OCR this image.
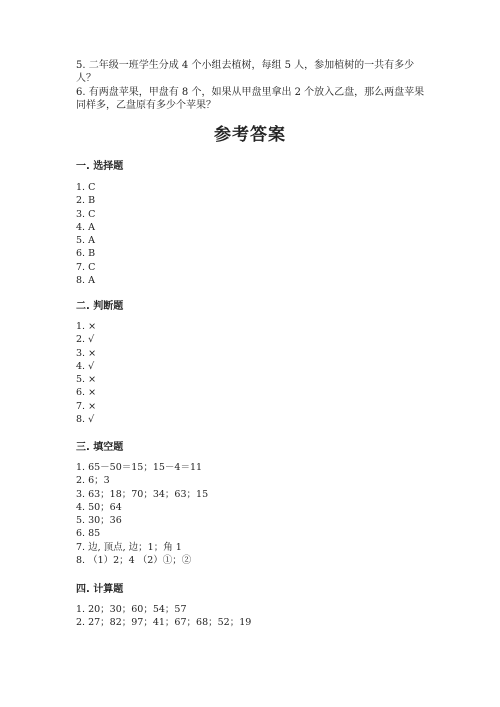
5. 二年级一班学生分成 4 个小组去植树，每组 5 人，参加植树的一共有多少人？
6. 有两盘苹果，甲盘有 8 个，如果从甲盘里拿出 2 个放入乙盘，那么两盘苹果同样多，乙盘原有多少个苹果？
参考答案
一. 选择题
1. C
2. B
3. C
4. A
5. A
6. B
7. C
8. A
二. 判断题
1. ×
2. √
3. ×
4. √
5. ×
6. ×
7. ×
8. √
三. 填空题
1. 65－50＝15；15－4＝11
2. 6；3
3. 63；18；70；34；63；15
4. 50；64
5. 30；36
6. 85
7. 边, 顶点, 边；1；角 1
8. （1）2；4 （2）①；②
四. 计算题
1. 20；30；60；54；57
2. 27；82；97；41；67；68；52；19
